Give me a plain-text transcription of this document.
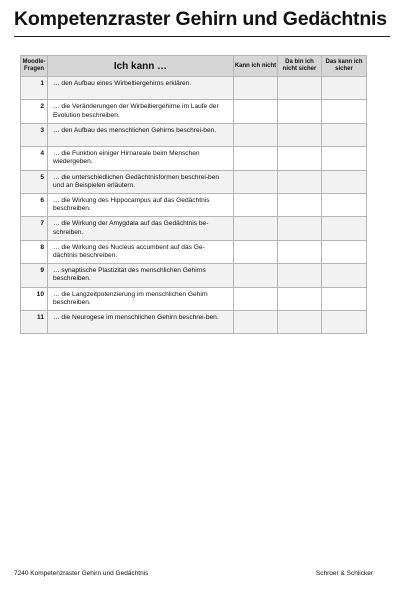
Kompetenzraster Gehirn und Gedächtnis
Moodle-Fragen	Ich kann …	Kann ich nicht	Da bin ich nicht sicher	Das kann ich sicher
1	… den Aufbau eines Wirbeltiergehirns erklären.			
2	… die Veränderungen der Wirbeltiergehirne im Laufe der Evolution beschreiben.			
3	… den Aufbau des menschlichen Gehirns beschrei-ben.			
4	… die Funktion einiger Hirnareale beim Menschen wiedergeben.			
5	… die unterschiedlichen Gedächtnisformen beschrei-ben und an Beispielen erläutern.			
6	… die Wirkung des Hippocampus auf das Gedächtnis beschreiben.			
7	… die Wirkung der Amygdala auf das Gedächtnis be-schreiben.			
8	… die Wirkung des Nucleus accumbent auf das Ge-dächtnis beschreiben.			
9	… synaptische Plastizität des menschlichen Gehirns beschreiben.			
10	… die Langzeitpotenzierung im menschlichen Gehirn beschreiben.			
11	… die Neurogese im menschlichen Gehirn beschrei-ben.			
7240 Kompetenzraster Gehirn und Gedächtnis	Schroer & Schlicker
